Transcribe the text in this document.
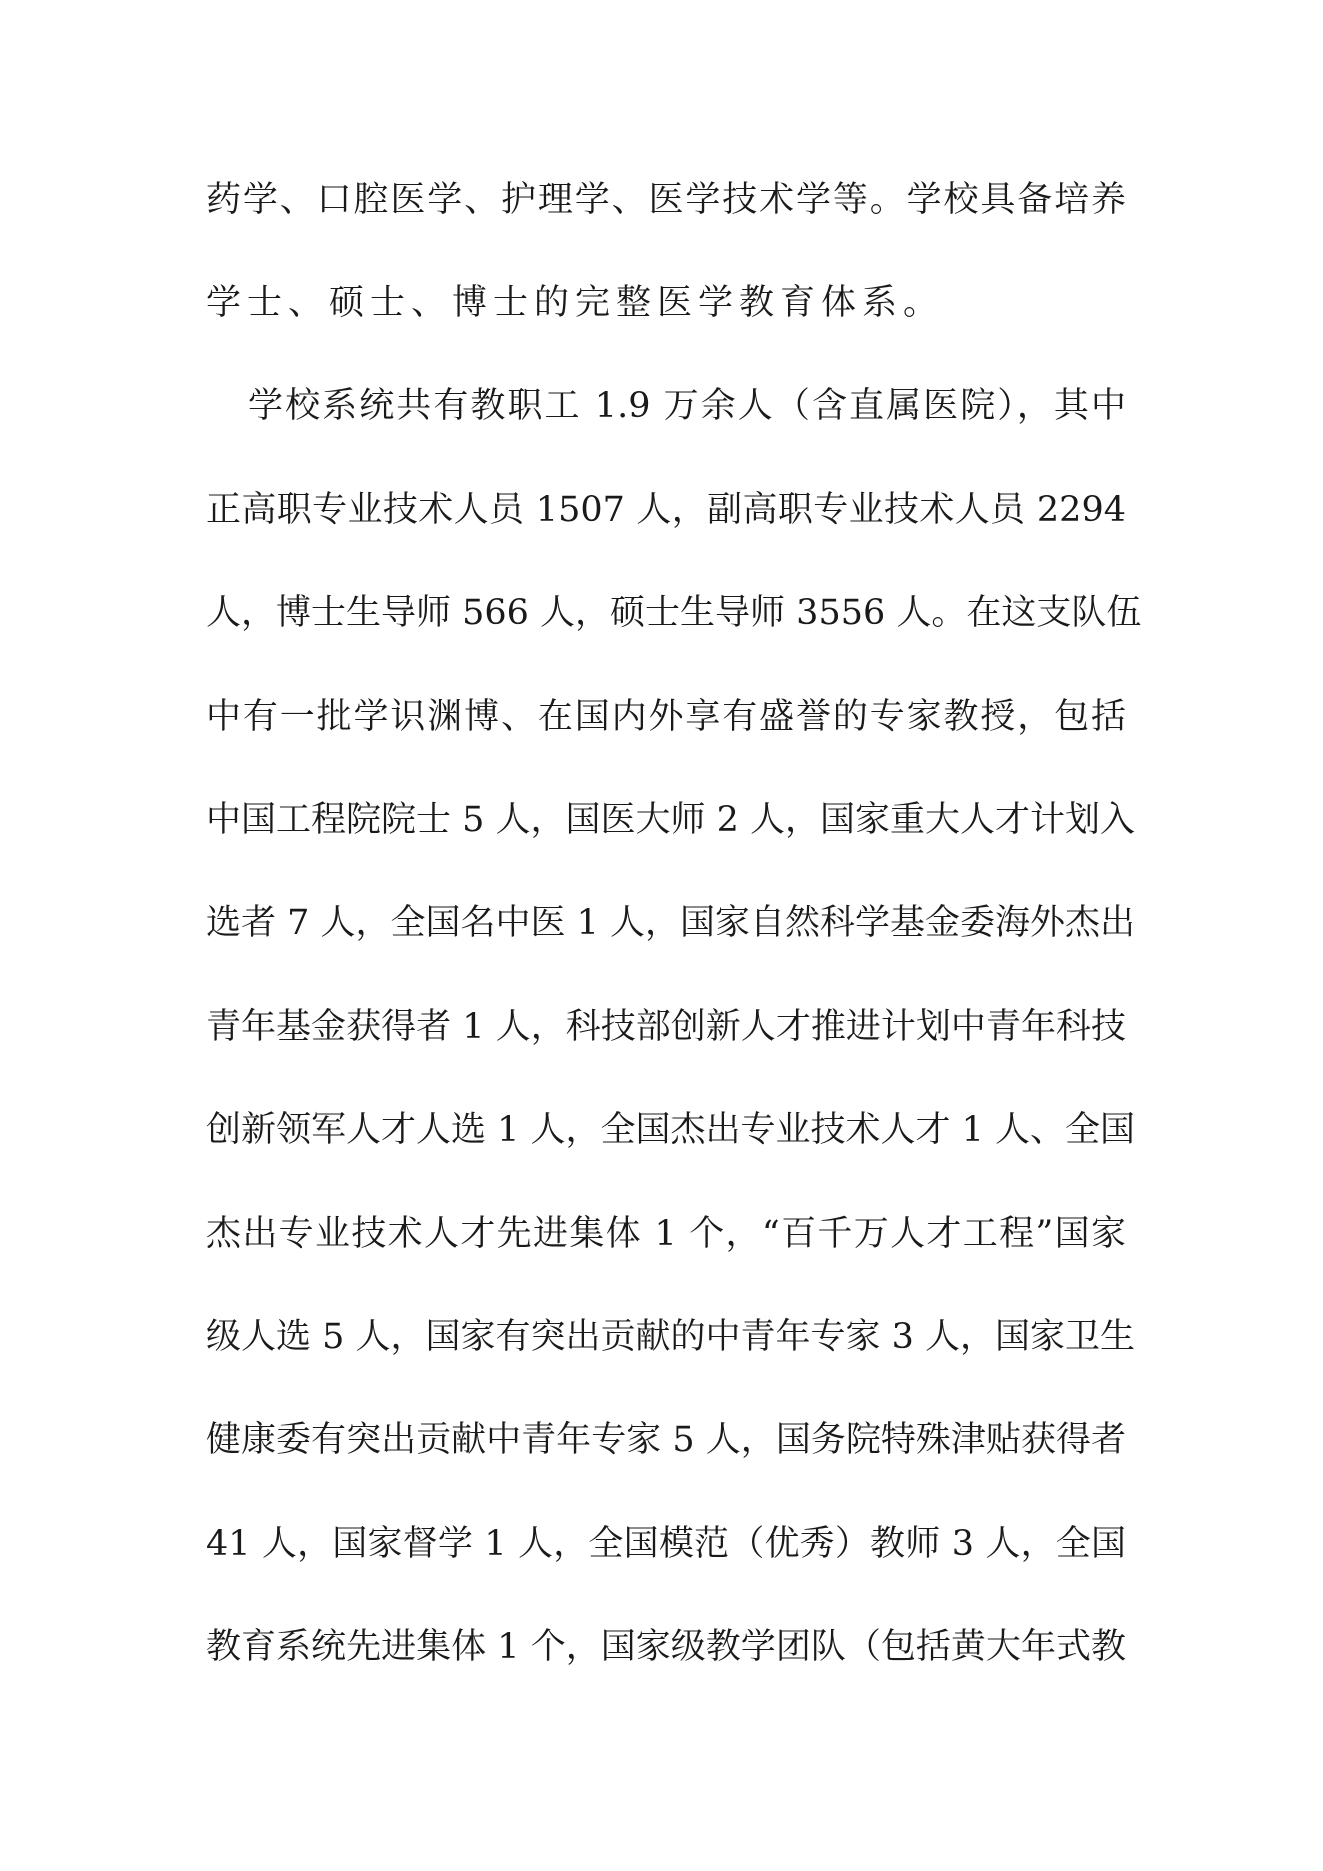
药学、口腔医学、护理学、医学技术学等。学校具备培养
学士、硕士、博士的完整医学教育体系。
学校系统共有教职工 1.9 万余人（含直属医院），其中
正高职专业技术人员 1507 人，副高职专业技术人员 2294
人，博士生导师 566 人，硕士生导师 3556 人。在这支队伍
中有一批学识渊博、在国内外享有盛誉的专家教授，包括
中国工程院院士 5 人，国医大师 2 人，国家重大人才计划入
选者 7 人，全国名中医 1 人，国家自然科学基金委海外杰出
青年基金获得者 1 人，科技部创新人才推进计划中青年科技
创新领军人才人选 1 人，全国杰出专业技术人才 1 人、全国
杰出专业技术人才先进集体 1 个，“百千万人才工程”国家
级人选 5 人，国家有突出贡献的中青年专家 3 人，国家卫生
健康委有突出贡献中青年专家 5 人，国务院特殊津贴获得者
41 人，国家督学 1 人，全国模范（优秀）教师 3 人，全国
教育系统先进集体 1 个，国家级教学团队（包括黄大年式教
